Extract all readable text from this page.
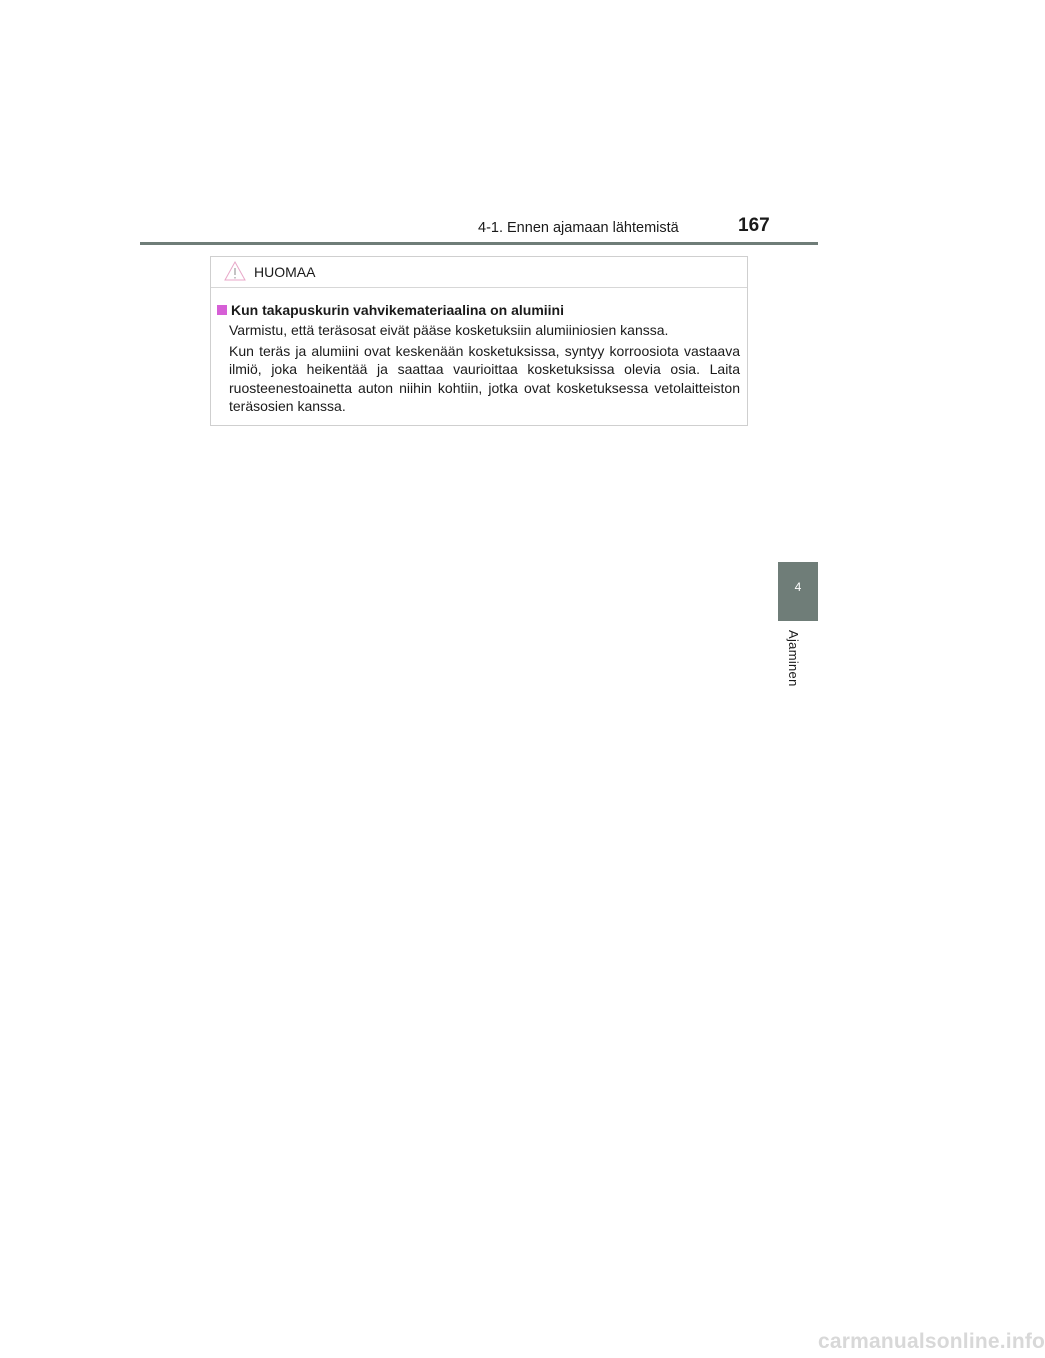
4-1. Ennen ajamaan lähtemistä	167
4
Ajaminen
HUOMAA
Kun takapuskurin vahvikemateriaalina on alumiini

Varmistu, että teräsosat eivät pääse kosketuksiin alumiiniosien kanssa.

Kun teräs ja alumiini ovat keskenään kosketuksissa, syntyy korroosiota vastaava ilmiö, joka heikentää ja saattaa vaurioittaa kosketuksissa olevia osia. Laita ruosteenestoainetta auton niihin kohtiin, jotka ovat kosketuksessa vetolaitteiston teräsosien kanssa.

carmanualsonline.info
